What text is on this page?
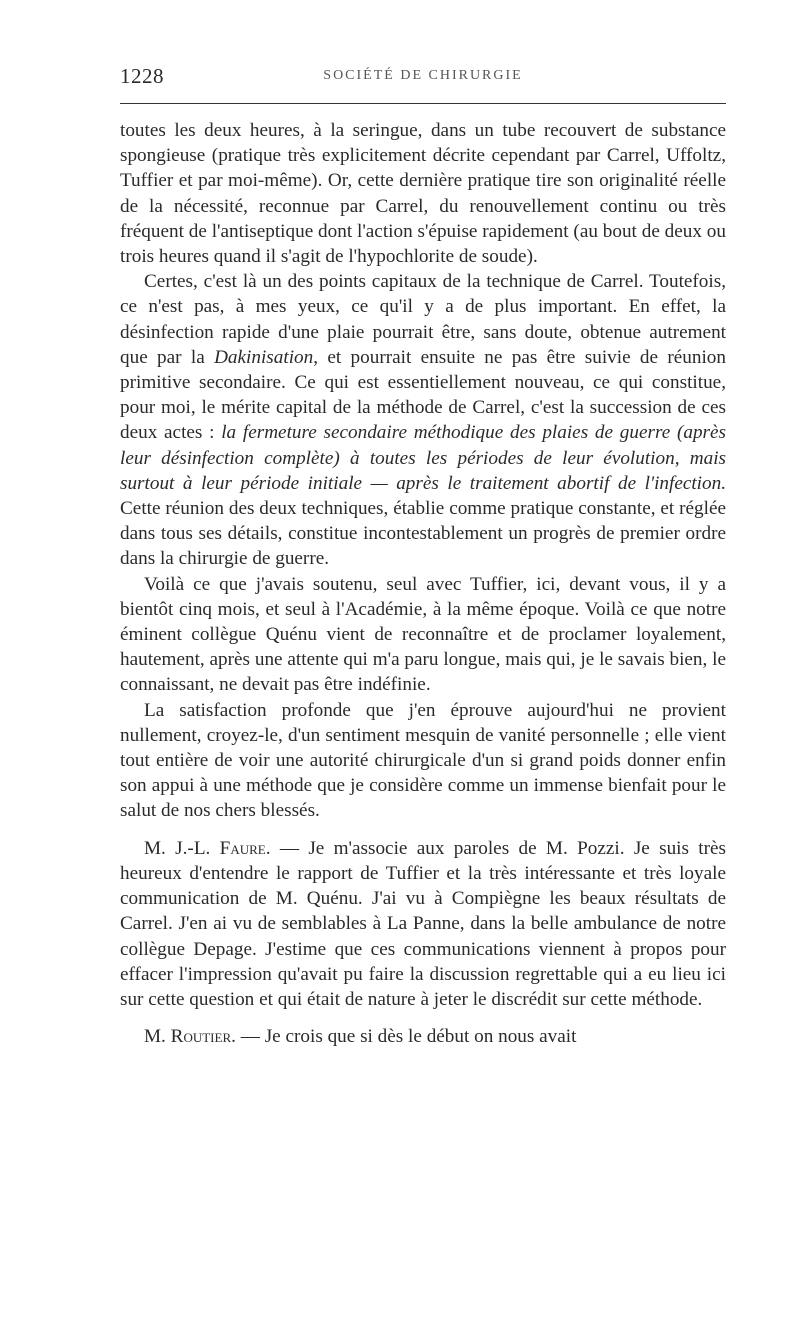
1228	SOCIÉTÉ DE CHIRURGIE

toutes les deux heures, à la seringue, dans un tube recouvert de substance spongieuse (pratique très explicitement décrite cependant par Carrel, Uffoltz, Tuffier et par moi-même). Or, cette dernière pratique tire son originalité réelle de la nécessité, reconnue par Carrel, du renouvellement continu ou très fréquent de l'antiseptique dont l'action s'épuise rapidement (au bout de deux ou trois heures quand il s'agit de l'hypochlorite de soude).

Certes, c'est là un des points capitaux de la technique de Carrel. Toutefois, ce n'est pas, à mes yeux, ce qu'il y a de plus important. En effet, la désinfection rapide d'une plaie pourrait être, sans doute, obtenue autrement que par la Dakinisation, et pourrait ensuite ne pas être suivie de réunion primitive secondaire. Ce qui est essentiellement nouveau, ce qui constitue, pour moi, le mérite capital de la méthode de Carrel, c'est la succession de ces deux actes : la fermeture secondaire méthodique des plaies de guerre (après leur désinfection complète) à toutes les périodes de leur évolution, mais surtout à leur période initiale — après le traitement abortif de l'infection. Cette réunion des deux techniques, établie comme pratique constante, et réglée dans tous ses détails, constitue incontestablement un progrès de premier ordre dans la chirurgie de guerre.

Voilà ce que j'avais soutenu, seul avec Tuffier, ici, devant vous, il y a bientôt cinq mois, et seul à l'Académie, à la même époque. Voilà ce que notre éminent collègue Quénu vient de reconnaître et de proclamer loyalement, hautement, après une attente qui m'a paru longue, mais qui, je le savais bien, le connaissant, ne devait pas être indéfinie.

La satisfaction profonde que j'en éprouve aujourd'hui ne provient nullement, croyez-le, d'un sentiment mesquin de vanité personnelle ; elle vient tout entière de voir une autorité chirurgicale d'un si grand poids donner enfin son appui à une méthode que je considère comme un immense bienfait pour le salut de nos chers blessés.

M. J.-L. Faure. — Je m'associe aux paroles de M. Pozzi. Je suis très heureux d'entendre le rapport de Tuffier et la très intéressante et très loyale communication de M. Quénu. J'ai vu à Compiègne les beaux résultats de Carrel. J'en ai vu de semblables à La Panne, dans la belle ambulance de notre collègue Depage. J'estime que ces communications viennent à propos pour effacer l'impression qu'avait pu faire la discussion regrettable qui a eu lieu ici sur cette question et qui était de nature à jeter le discrédit sur cette méthode.

M. Routier. — Je crois que si dès le début on nous avait
